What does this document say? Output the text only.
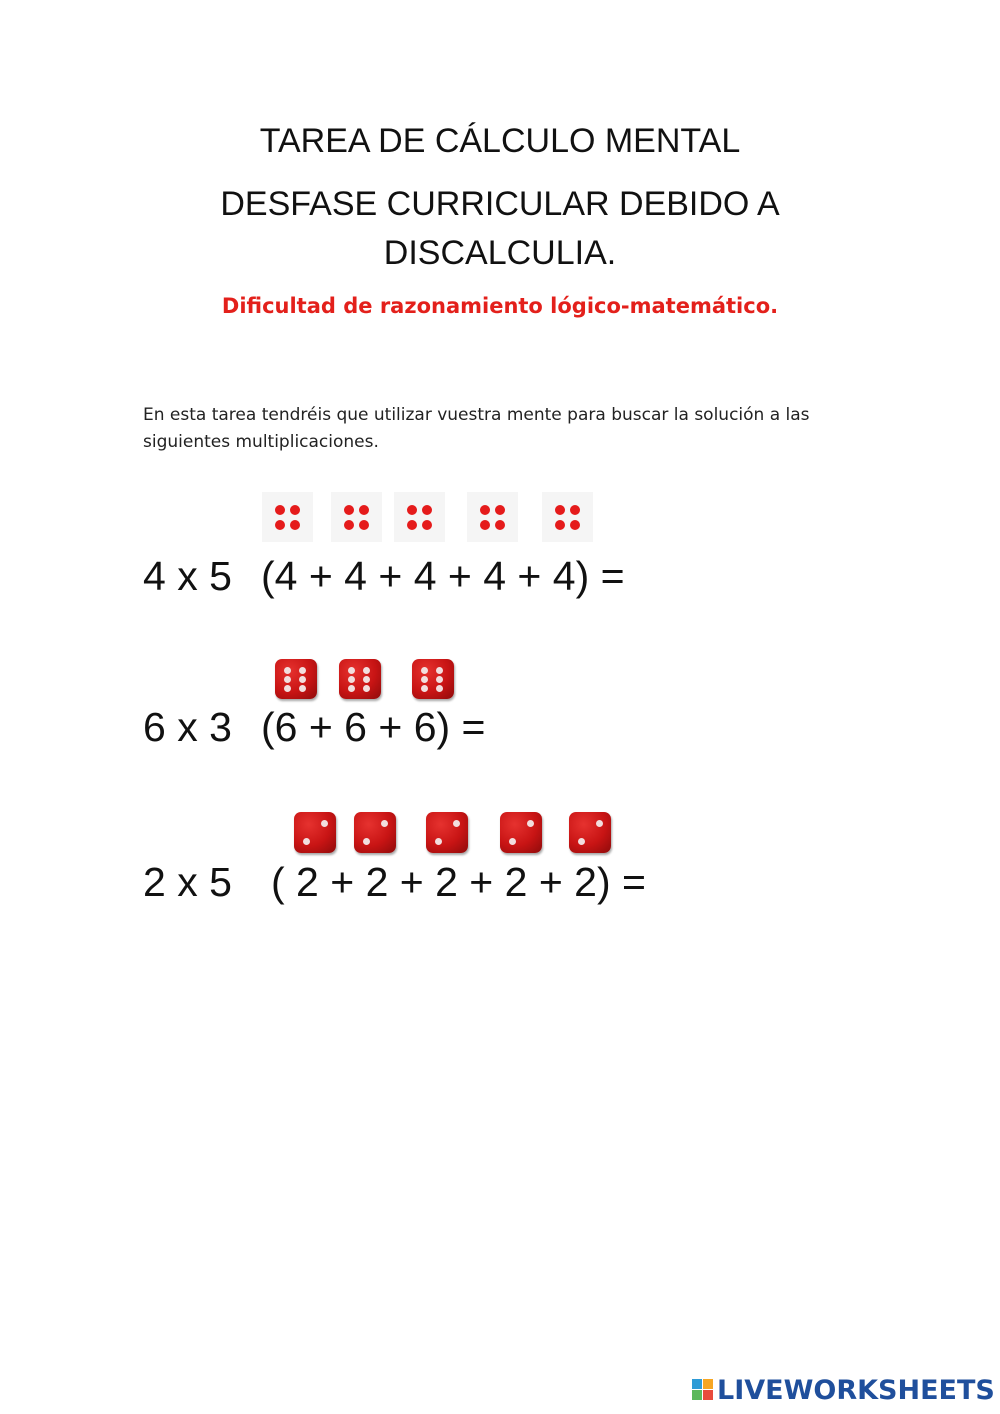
TAREA DE CÁLCULO MENTAL
DESFASE CURRICULAR DEBIDO A
DISCALCULIA.
Dificultad de razonamiento lógico-matemático.
En esta tarea tendréis que utilizar vuestra mente para buscar la solución a las siguientes multiplicaciones.
4 x 5 (4 + 4 + 4 + 4 + 4) =
6 x 3 (6 + 6 + 6) =
2 x 5 ( 2 + 2 + 2 + 2 + 2) =
LIVEWORKSHEETS
